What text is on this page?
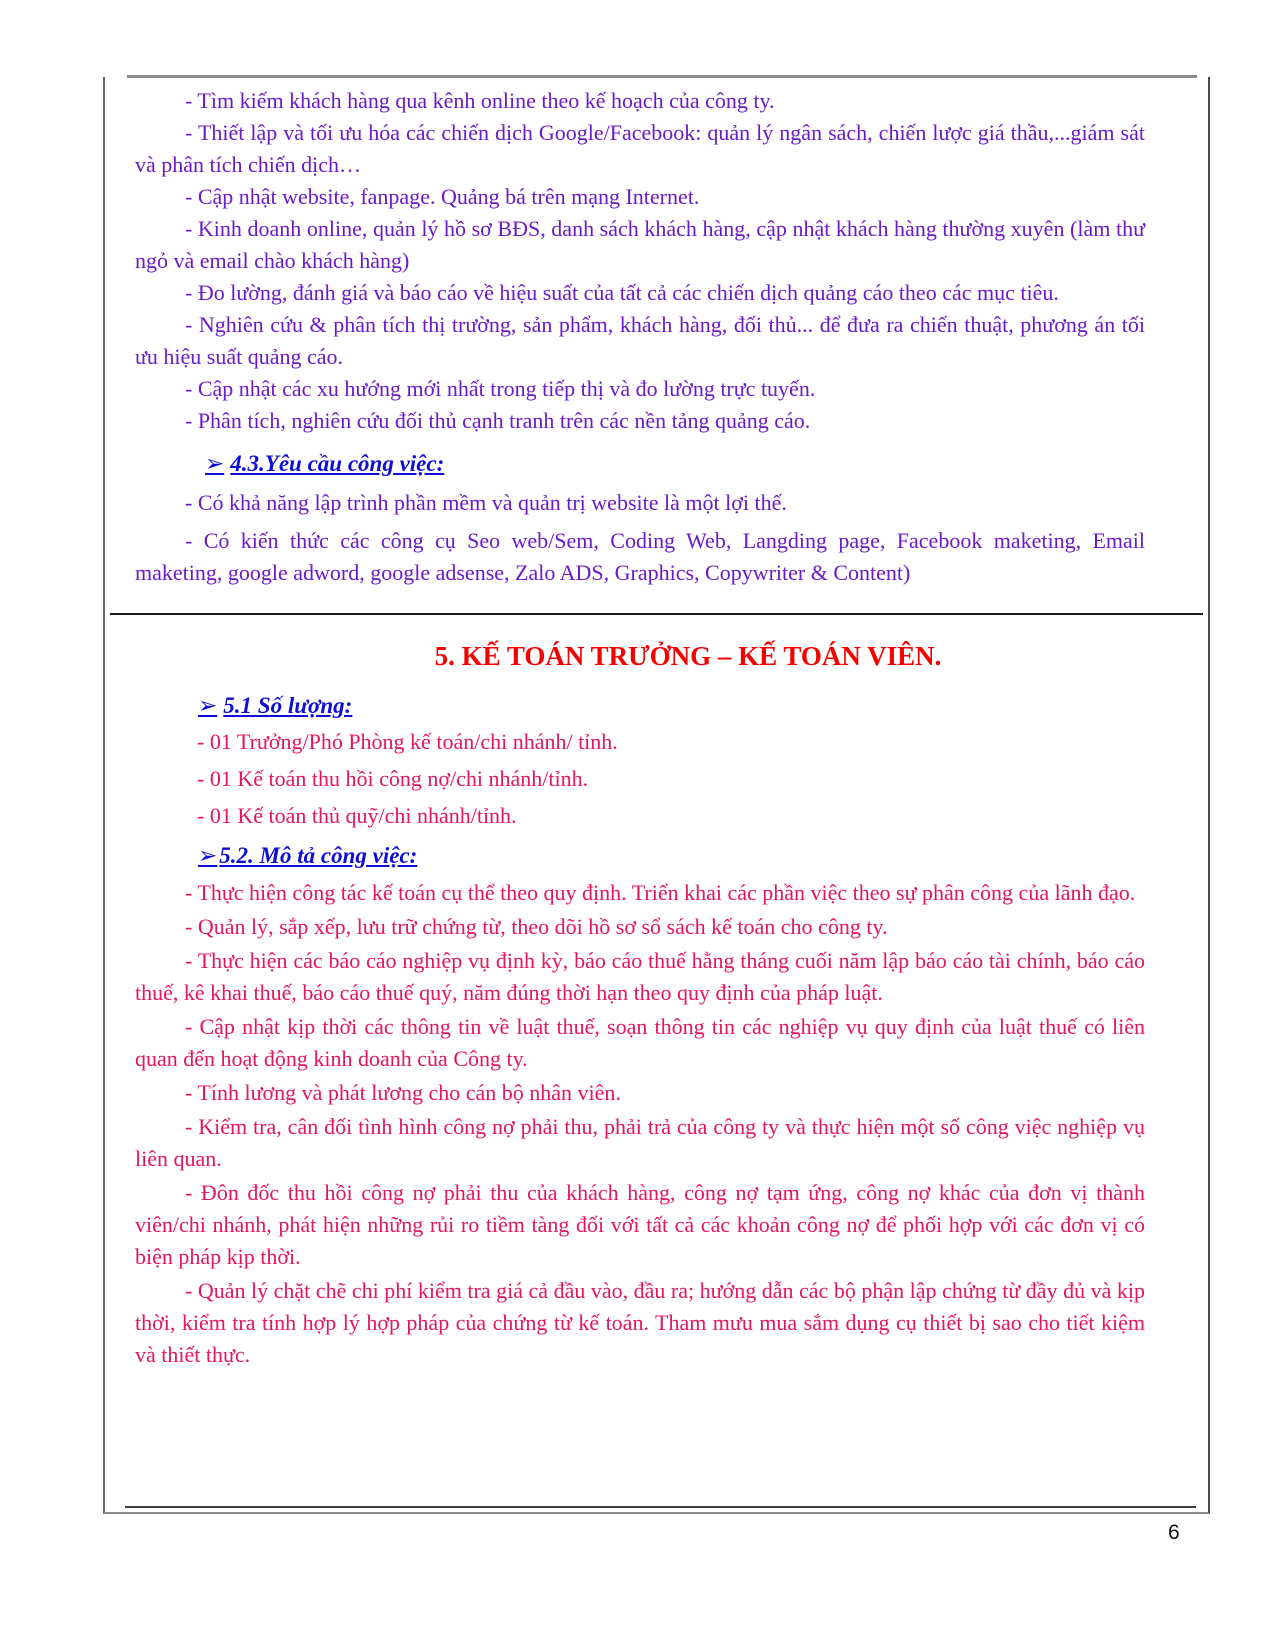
- Tìm kiếm khách hàng qua kênh online theo kế hoạch của công ty.

- Thiết lập và tối ưu hóa các chiến dịch Google/Facebook: quản lý ngân sách, chiến lược giá thầu,...giám sát và phân tích chiến dịch…

- Cập nhật website, fanpage. Quảng bá trên mạng Internet.

- Kinh doanh online, quản lý hồ sơ BĐS, danh sách khách hàng, cập nhật khách hàng thường xuyên (làm thư ngỏ và email chào khách hàng)

- Đo lường, đánh giá và báo cáo về hiệu suất của tất cả các chiến dịch quảng cáo theo các mục tiêu.

- Nghiên cứu & phân tích thị trường, sản phẩm, khách hàng, đối thủ... để đưa ra chiến thuật, phương án tối ưu hiệu suất quảng cáo.

- Cập nhật các xu hướng mới nhất trong tiếp thị và đo lường trực tuyến.

- Phân tích, nghiên cứu đối thủ cạnh tranh trên các nền tảng quảng cáo.

➢ 4.3.Yêu cầu công việc:

- Có khả năng lập trình phần mềm và quản trị website là một lợi thế.

- Có kiến thức các công cụ Seo web/Sem, Coding Web, Langding page, Facebook maketing, Email maketing, google adword, google adsense, Zalo ADS, Graphics, Copywriter & Content)

5. KẾ TOÁN TRƯỞNG – KẾ TOÁN VIÊN.

➢ 5.1 Số lượng:

- 01 Trưởng/Phó Phòng kế toán/chi nhánh/ tỉnh.

- 01 Kế toán thu hồi công nợ/chi nhánh/tỉnh.

- 01 Kế toán thủ quỹ/chi nhánh/tỉnh.

➢5.2. Mô tả công việc:

- Thực hiện công tác kế toán cụ thể theo quy định. Triển khai các phần việc theo sự phân công của lãnh đạo.

- Quản lý, sắp xếp, lưu trữ chứng từ, theo dõi hồ sơ sổ sách kế toán cho công ty.

- Thực hiện các báo cáo nghiệp vụ định kỳ, báo cáo thuế hằng tháng cuối năm lập báo cáo tài chính, báo cáo thuế, kê khai thuế, báo cáo thuế quý, năm đúng thời hạn theo quy định của pháp luật.

- Cập nhật kịp thời các thông tin về luật thuế, soạn thông tin các nghiệp vụ quy định của luật thuế có liên quan đến hoạt động kinh doanh của Công ty.

- Tính lương và phát lương cho cán bộ nhân viên.

- Kiểm tra, cân đối tình hình công nợ phải thu, phải trả của công ty và thực hiện một số công việc nghiệp vụ liên quan.

- Đôn đốc thu hồi công nợ phải thu của khách hàng, công nợ tạm ứng, công nợ khác của đơn vị thành viên/chi nhánh, phát hiện những rủi ro tiềm tàng đối với tất cả các khoản công nợ để phối hợp với các đơn vị có biện pháp kịp thời.

- Quản lý chặt chẽ chi phí kiểm tra giá cả đầu vào, đầu ra; hướng dẫn các bộ phận lập chứng từ đầy đủ và kịp thời, kiểm tra tính hợp lý hợp pháp của chứng từ kế toán. Tham mưu mua sắm dụng cụ thiết bị sao cho tiết kiệm và thiết thực.

6
